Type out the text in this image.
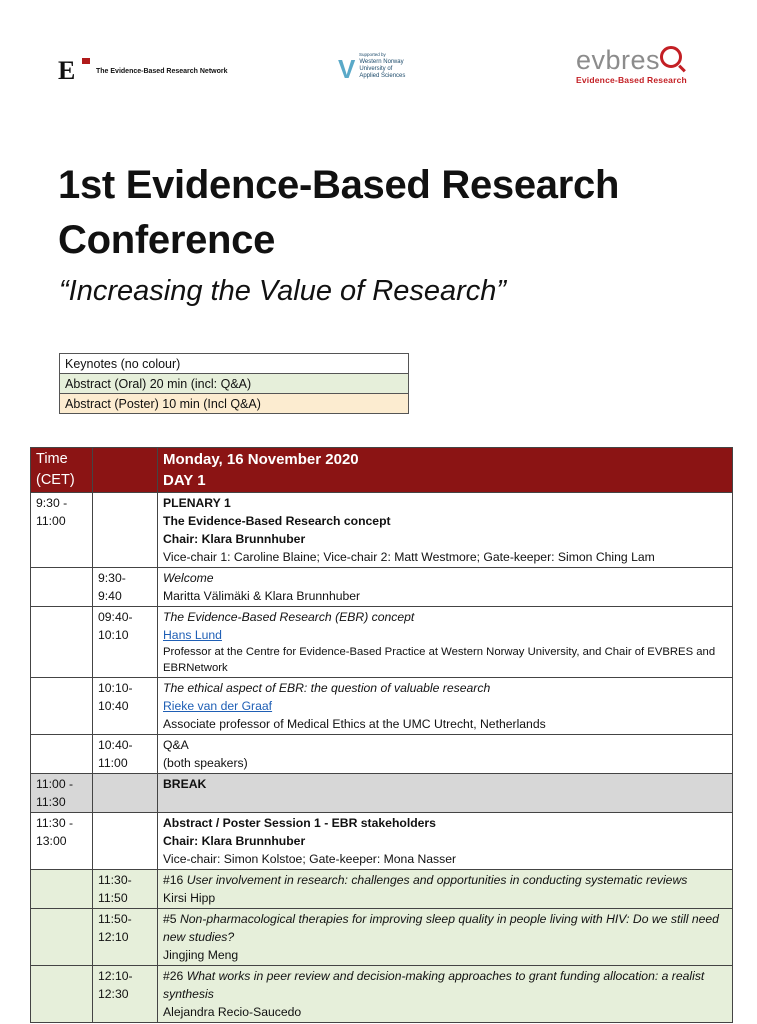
E	The Evidence-Based Research Network	V Supported by
Western Norway
University of
Applied Sciences
evbres
Evidence-Based Research
1st Evidence-Based Research
Conference
“Increasing the Value of Research”
Keynotes (no colour)
Abstract (Oral) 20 min (incl: Q&A)
Abstract (Poster) 10 min (Incl Q&A)
Time (CET)		Monday, 16 November 2020
DAY 1

9:30 - 11:00		PLENARY 1
The Evidence-Based Research concept
Chair: Klara Brunnhuber
Vice-chair 1: Caroline Blaine; Vice-chair 2: Matt Westmore; Gate-keeper: Simon Ching Lam

	9:30- 9:40	Welcome
Maritta Välimäki & Klara Brunnhuber

	09:40- 10:10	The Evidence-Based Research (EBR) concept
Hans Lund
Professor at the Centre for Evidence-Based Practice at Western Norway University, and Chair of EVBRES and EBRNetwork

	10:10- 10:40	The ethical aspect of EBR: the question of valuable research
Rieke van der Graaf
Associate professor of Medical Ethics at the UMC Utrecht, Netherlands

	10:40- 11:00	Q&A
(both speakers)

11:00 - 11:30		BREAK
11:30 - 13:00		Abstract / Poster Session 1 - EBR stakeholders
Chair: Klara Brunnhuber
Vice-chair: Simon Kolstoe; Gate-keeper: Mona Nasser

	11:30- 11:50	#16 User involvement in research: challenges and opportunities in conducting systematic reviews
Kirsi Hipp

	11:50- 12:10	#5 Non-pharmacological therapies for improving sleep quality in people living with HIV: Do we still need new studies?
Jingjing Meng

	12:10- 12:30	#26 What works in peer review and decision-making approaches to grant funding allocation: a realist synthesis
Alejandra Recio-Saucedo
